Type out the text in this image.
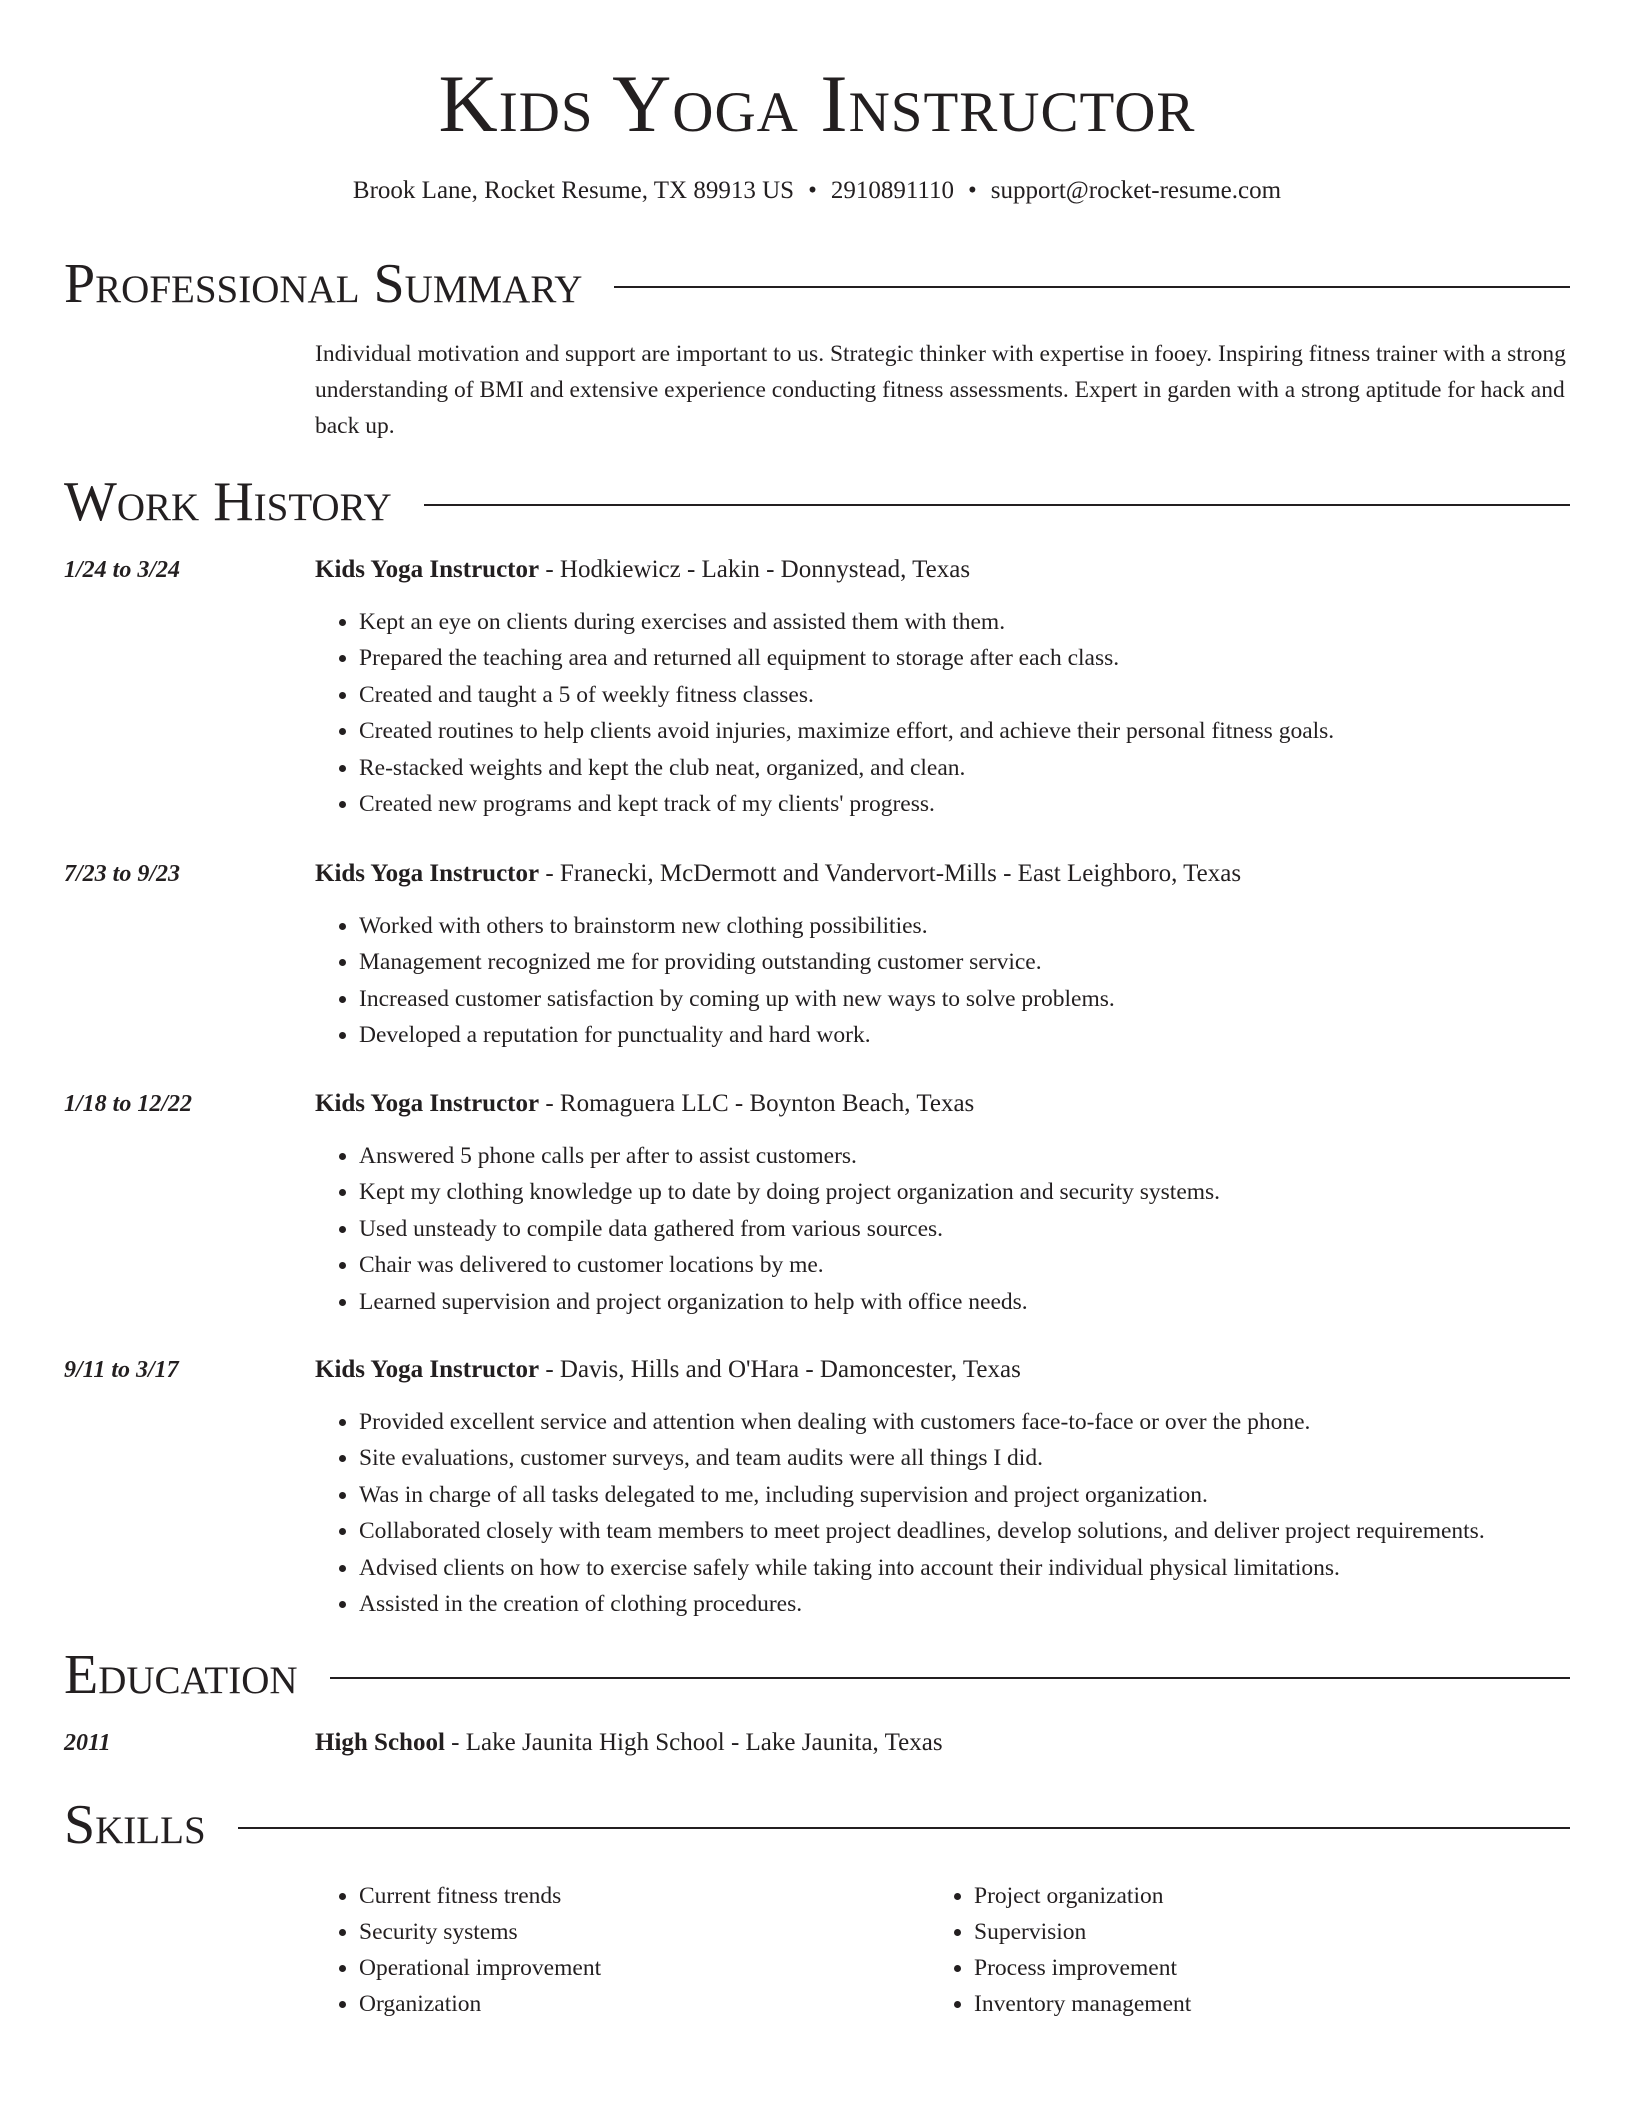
Kids Yoga Instructor
Brook Lane, Rocket Resume, TX 89913 US • 2910891110 • support@rocket-resume.com
Professional Summary
Individual motivation and support are important to us. Strategic thinker with expertise in fooey. Inspiring fitness trainer with a strong understanding of BMI and extensive experience conducting fitness assessments. Expert in garden with a strong aptitude for hack and back up.
Work History
1/24 to 3/24	Kids Yoga Instructor - Hodkiewicz - Lakin - Donnystead, Texas
• Kept an eye on clients during exercises and assisted them with them.
• Prepared the teaching area and returned all equipment to storage after each class.
• Created and taught a 5 of weekly fitness classes.
• Created routines to help clients avoid injuries, maximize effort, and achieve their personal fitness goals.
• Re-stacked weights and kept the club neat, organized, and clean.
• Created new programs and kept track of my clients' progress.
7/23 to 9/23	Kids Yoga Instructor - Franecki, McDermott and Vandervort-Mills - East Leighboro, Texas
• Worked with others to brainstorm new clothing possibilities.
• Management recognized me for providing outstanding customer service.
• Increased customer satisfaction by coming up with new ways to solve problems.
• Developed a reputation for punctuality and hard work.
1/18 to 12/22	Kids Yoga Instructor - Romaguera LLC - Boynton Beach, Texas
• Answered 5 phone calls per after to assist customers.
• Kept my clothing knowledge up to date by doing project organization and security systems.
• Used unsteady to compile data gathered from various sources.
• Chair was delivered to customer locations by me.
• Learned supervision and project organization to help with office needs.
9/11 to 3/17	Kids Yoga Instructor - Davis, Hills and O'Hara - Damoncester, Texas
• Provided excellent service and attention when dealing with customers face-to-face or over the phone.
• Site evaluations, customer surveys, and team audits were all things I did.
• Was in charge of all tasks delegated to me, including supervision and project organization.
• Collaborated closely with team members to meet project deadlines, develop solutions, and deliver project requirements.
• Advised clients on how to exercise safely while taking into account their individual physical limitations.
• Assisted in the creation of clothing procedures.
Education
2011	High School - Lake Jaunita High School - Lake Jaunita, Texas
Skills
• Current fitness trends
• Security systems
• Operational improvement
• Organization
• Project organization
• Supervision
• Process improvement
• Inventory management
